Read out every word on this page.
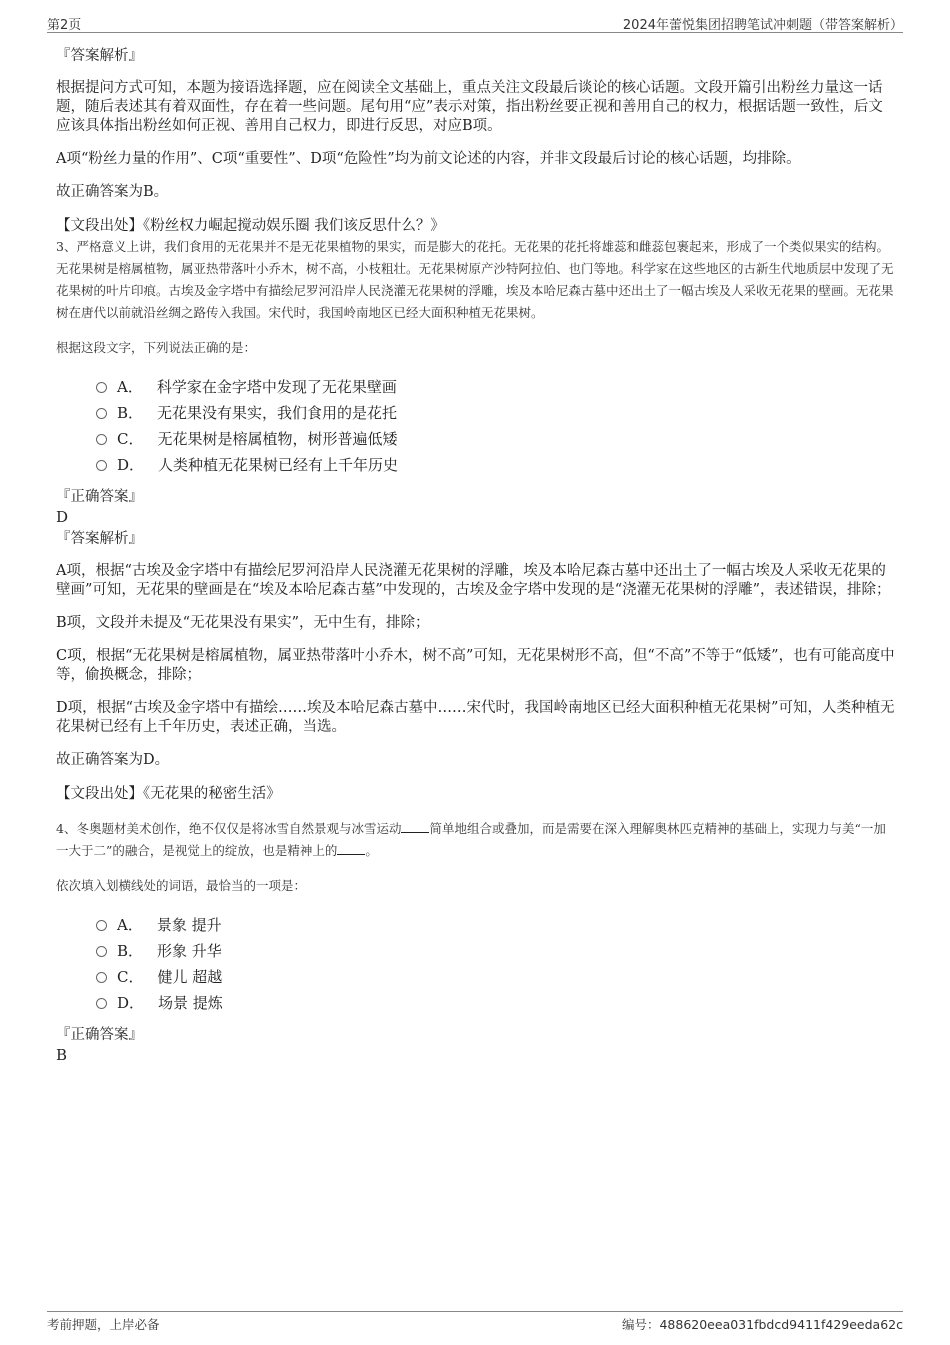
第2页	2024年蕾悦集团招聘笔试冲刺题（带答案解析）

『答案解析』

根据提问方式可知，本题为接语选择题，应在阅读全文基础上，重点关注文段最后谈论的核心话题。文段开篇引出粉丝力量这一话题，随后表述其有着双面性，存在着一些问题。尾句用“应”表示对策，指出粉丝要正视和善用自己的权力，根据话题一致性，后文应该具体指出粉丝如何正视、善用自己权力，即进行反思，对应B项。

A项“粉丝力量的作用”、C项“重要性”、D项“危险性”均为前文论述的内容，并非文段最后讨论的核心话题，均排除。

故正确答案为B。

【文段出处】《粉丝权力崛起搅动娱乐圈 我们该反思什么？》

3、严格意义上讲，我们食用的无花果并不是无花果植物的果实，而是膨大的花托。无花果的花托将雄蕊和雌蕊包裹起来，形成了一个类似果实的结构。无花果树是榕属植物，属亚热带落叶小乔木，树不高，小枝粗壮。无花果树原产沙特阿拉伯、也门等地。科学家在这些地区的古新生代地质层中发现了无花果树的叶片印痕。古埃及金字塔中有描绘尼罗河沿岸人民浇灌无花果树的浮雕，埃及本哈尼森古墓中还出土了一幅古埃及人采收无花果的壁画。无花果树在唐代以前就沿丝绸之路传入我国。宋代时，我国岭南地区已经大面积种植无花果树。

根据这段文字，下列说法正确的是：

A． 科学家在金字塔中发现了无花果壁画
B． 无花果没有果实，我们食用的是花托
C． 无花果树是榕属植物，树形普遍低矮
D． 人类种植无花果树已经有上千年历史

『正确答案』

D

『答案解析』

A项，根据“古埃及金字塔中有描绘尼罗河沿岸人民浇灌无花果树的浮雕，埃及本哈尼森古墓中还出土了一幅古埃及人采收无花果的壁画”可知，无花果的壁画是在“埃及本哈尼森古墓”中发现的，古埃及金字塔中发现的是“浇灌无花果树的浮雕”，表述错误，排除；

B项，文段并未提及“无花果没有果实”，无中生有，排除；

C项，根据“无花果树是榕属植物，属亚热带落叶小乔木，树不高”可知，无花果树形不高，但“不高”不等于“低矮”，也有可能高度中等，偷换概念，排除；

D项，根据“古埃及金字塔中有描绘……埃及本哈尼森古墓中……宋代时，我国岭南地区已经大面积种植无花果树”可知，人类种植无花果树已经有上千年历史，表述正确，当选。

故正确答案为D。

【文段出处】《无花果的秘密生活》

4、冬奥题材美术创作，绝不仅仅是将冰雪自然景观与冰雪运动 简单地组合或叠加，而是需要在深入理解奥林匹克精神的基础上，实现力与美“一加一大于二”的融合，是视觉上的绽放，也是精神上的 。

依次填入划横线处的词语，最恰当的一项是：

A． 景象 提升
B． 形象 升华
C． 健儿 超越
D． 场景 提炼

『正确答案』

B

考前押题，上岸必备	编号：488620eea031fbdcd9411f429eeda62c
